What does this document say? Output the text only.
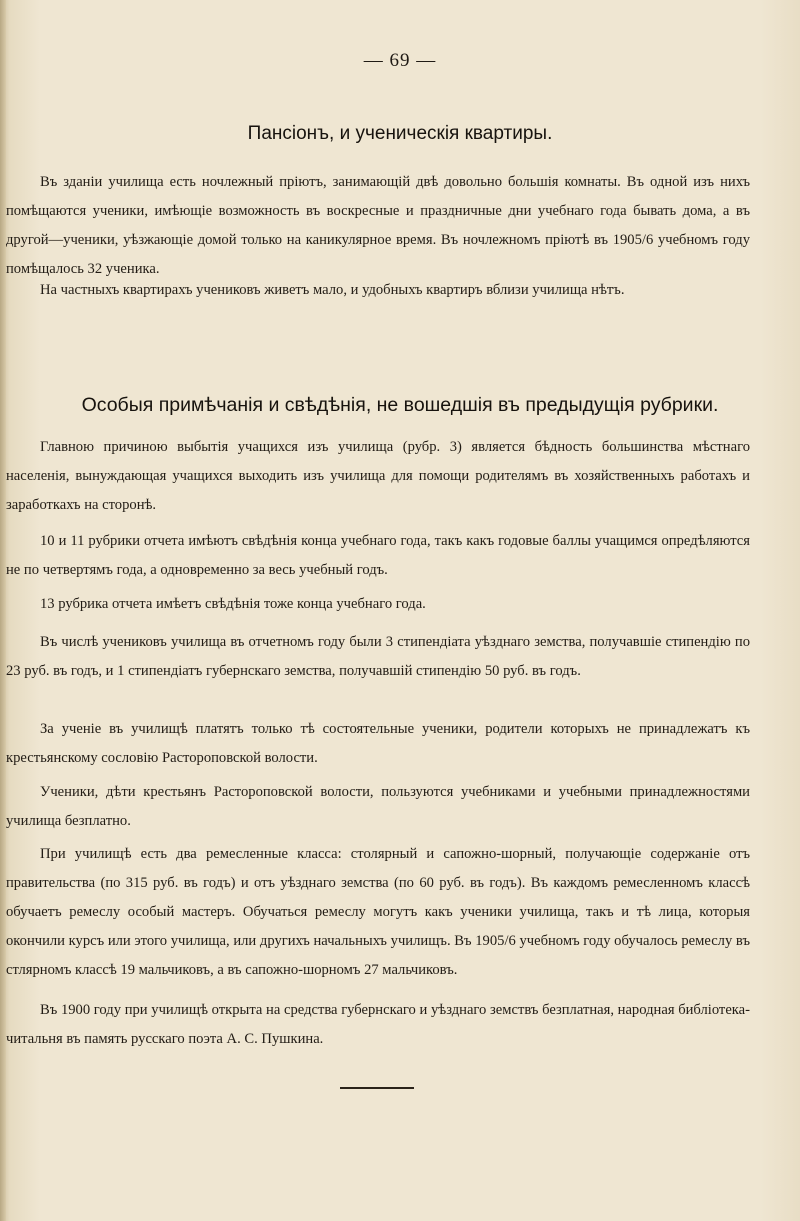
— 69 —
Пансіонъ, и ученическія квартиры.

Въ зданіи училища есть ночлежный пріютъ, занимающій двѣ довольно большія комнаты. Въ одной изъ нихъ помѣщаются ученики, имѣющіе возможность въ воскресные и праздничные дни учебнаго года бывать дома, а въ другой—ученики, уѣзжающіе домой только на каникулярное время. Въ ночлежномъ пріютѣ въ 1905/6 учебномъ году помѣщалось 32 ученика.

На частныхъ квартирахъ учениковъ живетъ мало, и удобныхъ квартиръ вблизи училища нѣтъ.

Особыя примѣчанія и свѣдѣнія, не вошедшія въ предыдущія рубрики.

Главною причиною выбытія учащихся изъ училища (рубр. 3) является бѣдность большинства мѣстнаго населенія, вынуждающая учащихся выходить изъ училища для помощи родителямъ въ хозяйственныхъ работахъ и заработкахъ на сторонѣ.

10 и 11 рубрики отчета имѣютъ свѣдѣнія конца учебнаго года, такъ какъ годовые баллы учащимся опредѣляются не по четвертямъ года, а одновременно за весь учебный годъ.

13 рубрика отчета имѣетъ свѣдѣнія тоже конца учебнаго года.

Въ числѣ учениковъ училища въ отчетномъ году были 3 стипендіата уѣзднаго земства, получавшіе стипендію по 23 руб. въ годъ, и 1 стипендіатъ губернскаго земства, получавшій стипендію 50 руб. въ годъ.

За ученіе въ училищѣ платятъ только тѣ состоятельные ученики, родители которыхъ не принадлежатъ къ крестьянскому сословію Растороповской волости.

Ученики, дѣти крестьянъ Растороповской волости, пользуются учебниками и учебными принадлежностями училища безплатно.

При училищѣ есть два ремесленные класса: столярный и сапожно-шорный, получающіе содержаніе отъ правительства (по 315 руб. въ годъ) и отъ уѣзднаго земства (по 60 руб. въ годъ). Въ каждомъ ремесленномъ классѣ обучаетъ ремеслу особый мастеръ. Обучаться ремеслу могутъ какъ ученики училища, такъ и тѣ лица, которыя окончили курсъ или этого училища, или другихъ начальныхъ училищъ. Въ 1905/6 учебномъ году обучалось ремеслу въ стлярномъ классѣ 19 мальчиковъ, а въ сапожно-шорномъ 27 мальчиковъ.

Въ 1900 году при училищѣ открыта на средства губернскаго и уѣзднаго земствъ безплатная, народная библіотека-читальня въ память русскаго поэта А. С. Пушкина.
